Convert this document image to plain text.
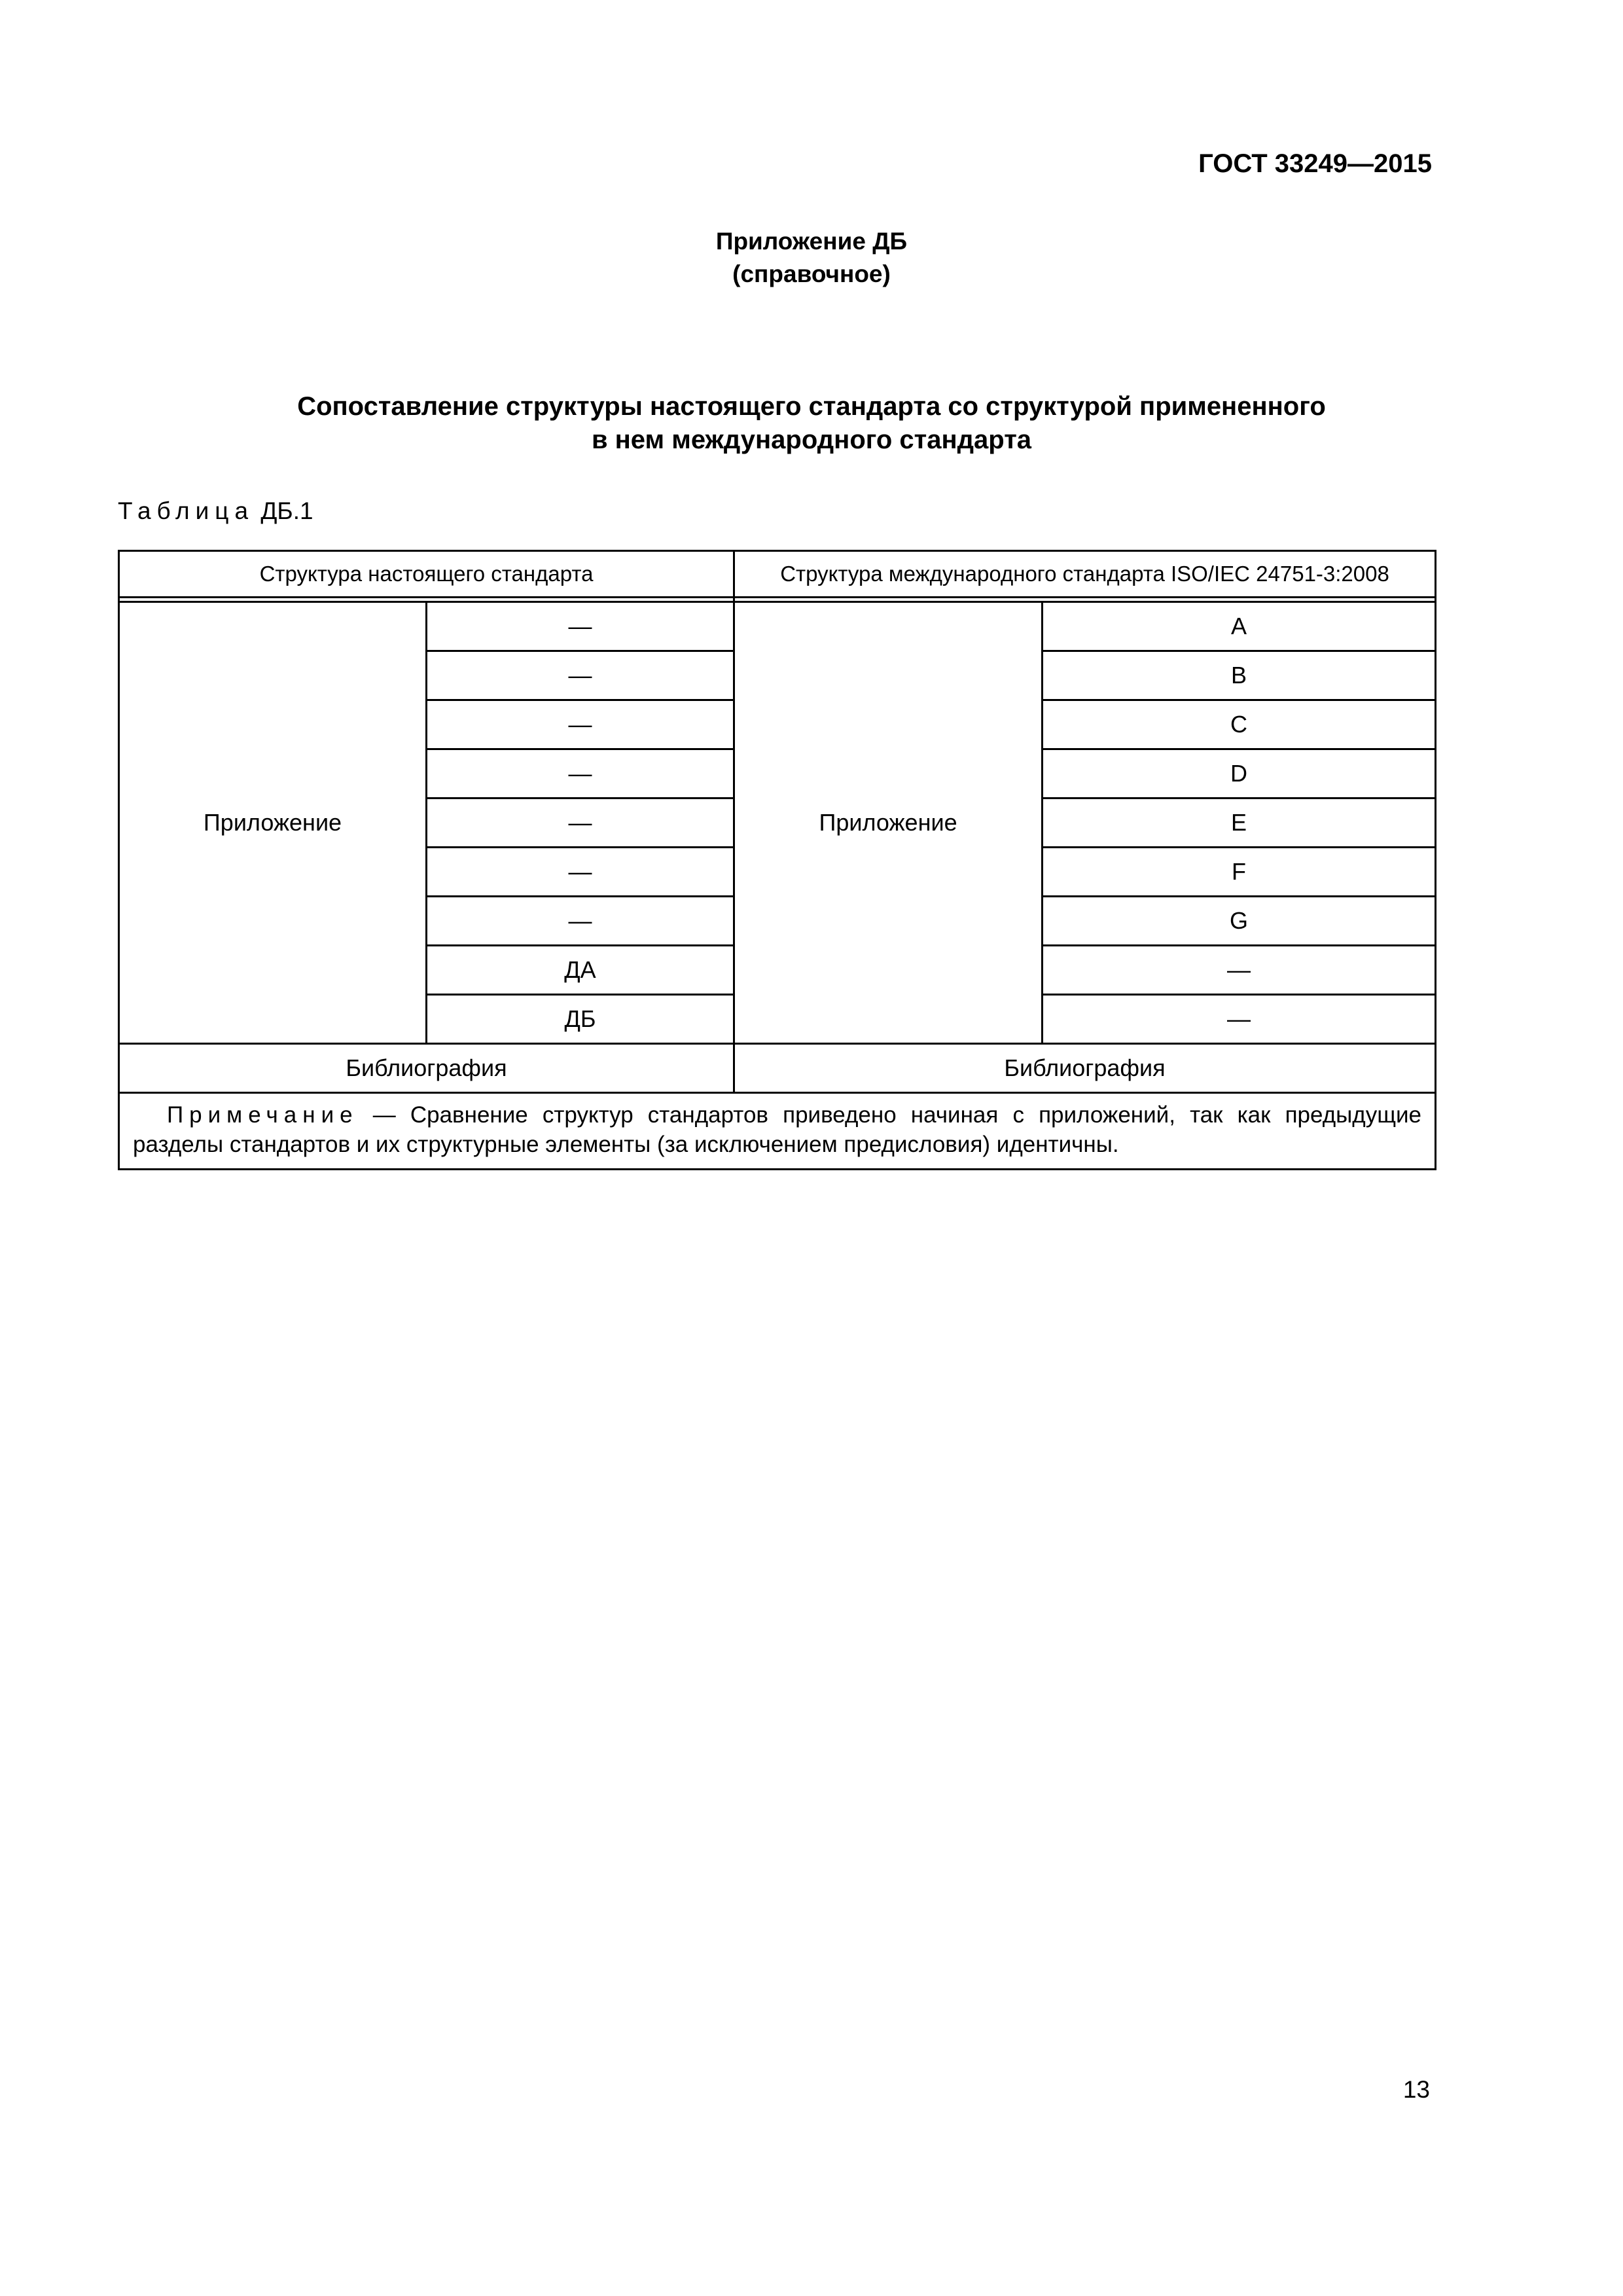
ГОСТ 33249—2015

Приложение ДБ
(справочное)
Сопоставление структуры настоящего стандарта со структурой примененного
в нем международного стандарта
Таблица ДБ.1
Структура настоящего стандарта		Структура международного стандарта ISO/IEC 24751-3:2008	

Приложение	—	Приложение	A
	—		B
	—		C
	—		D
	—		E
	—		F
	—		G
	ДА		—
	ДБ		—
Библиография		Библиография	
Примечание — Сравнение структур стандартов приведено начиная с приложений, так как предыдущие разделы стандартов и их структурные элементы (за исключением предисловия) идентичны.			
13
